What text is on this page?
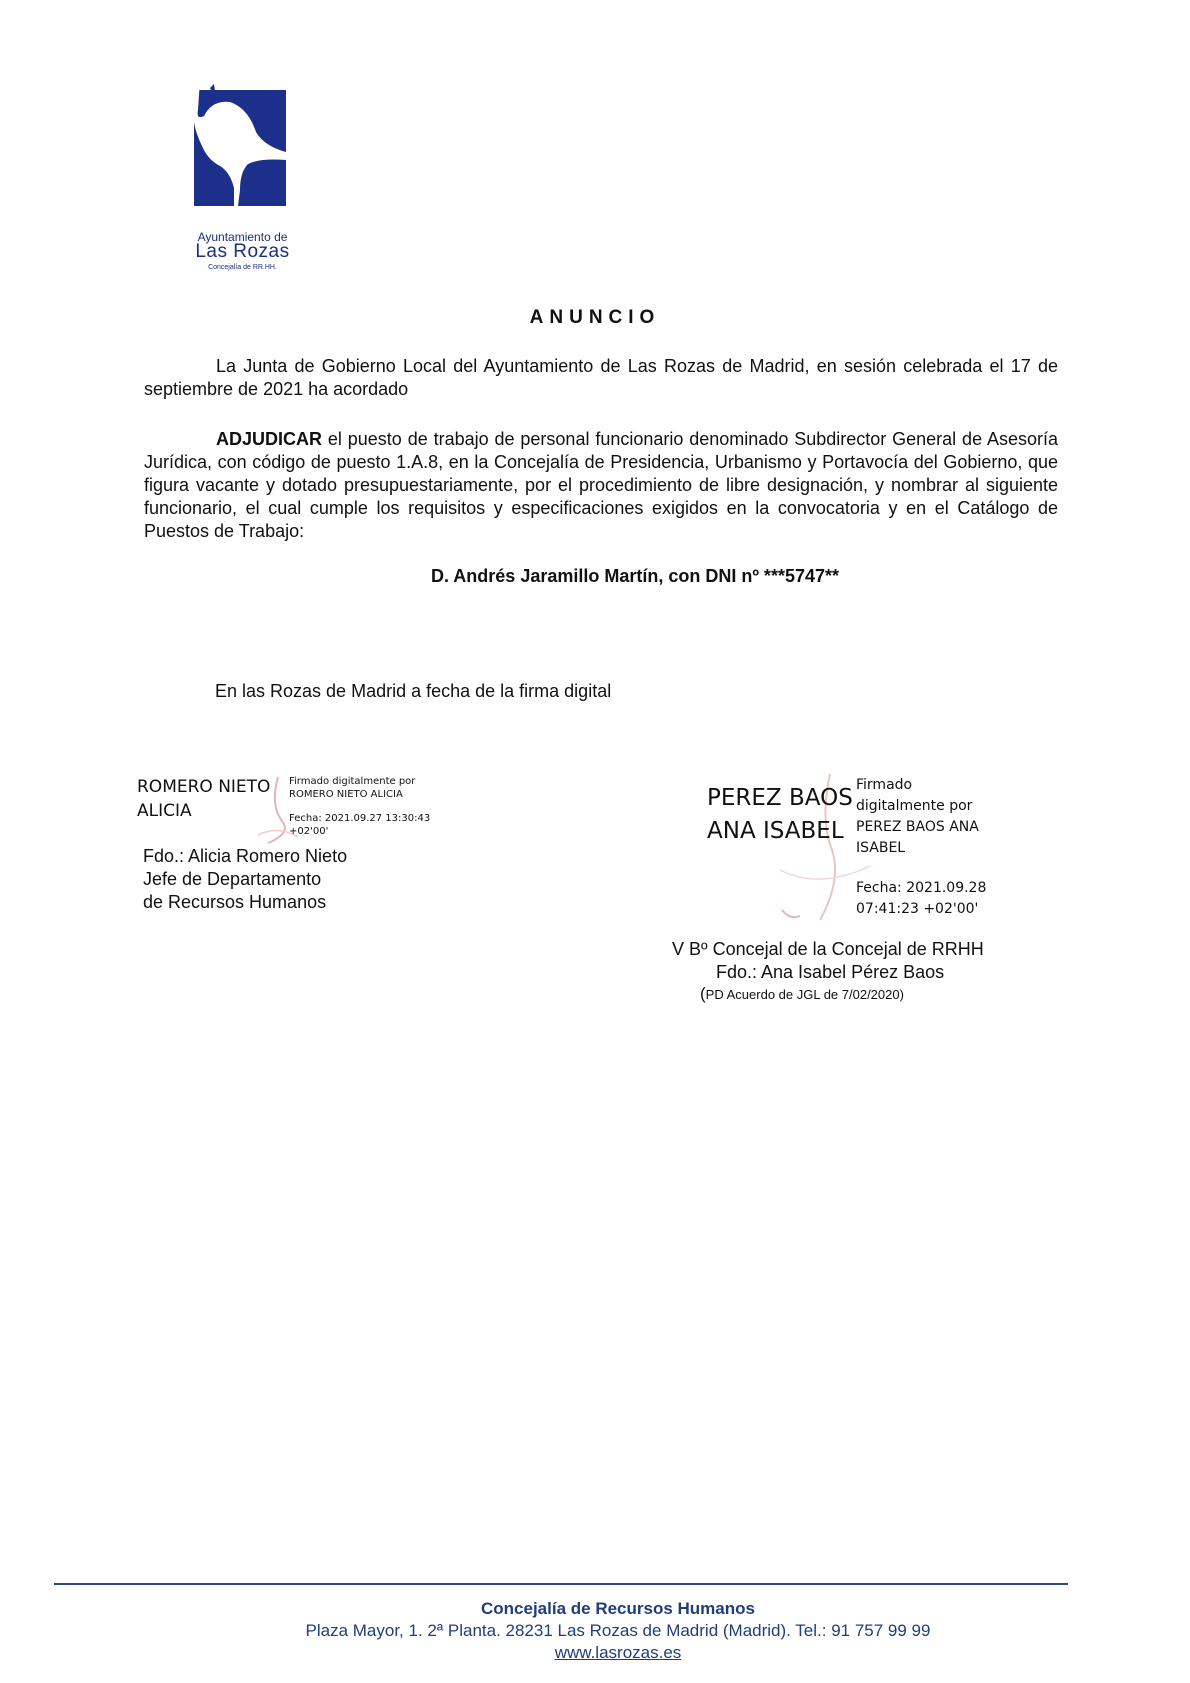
Ayuntamiento de
Las Rozas
Concejalía de RR.HH.
ANUNCIO
La Junta de Gobierno Local del Ayuntamiento de Las Rozas de Madrid, en sesión celebrada el 17 de septiembre de 2021 ha acordado
ADJUDICAR el puesto de trabajo de personal funcionario denominado Subdirector General de Asesoría Jurídica, con código de puesto 1.A.8, en la Concejalía de Presidencia, Urbanismo y Portavocía del Gobierno, que figura vacante y dotado presupuestariamente, por el procedimiento de libre designación, y nombrar al siguiente funcionario, el cual cumple los requisitos y especificaciones exigidos en la convocatoria y en el Catálogo de Puestos de Trabajo:
D. Andrés Jaramillo Martín, con DNI nº ***5747**
En las Rozas de Madrid a fecha de la firma digital
ROMERO NIETO
ALICIA
Firmado digitalmente por
ROMERO NIETO ALICIA
Fecha: 2021.09.27 13:30:43
+02'00'
Fdo.: Alicia Romero Nieto
Jefe de Departamento
de Recursos Humanos
PEREZ BAOS
ANA ISABEL
Firmado
digitalmente por
PEREZ BAOS ANA
ISABEL
Fecha: 2021.09.28
07:41:23 +02'00'
V Bº Concejal de la Concejal de RRHH
Fdo.: Ana Isabel Pérez Baos
(PD Acuerdo de JGL de 7/02/2020)
Concejalía de Recursos Humanos
Plaza Mayor, 1. 2ª Planta. 28231 Las Rozas de Madrid (Madrid). Tel.: 91 757 99 99
www.lasrozas.es
